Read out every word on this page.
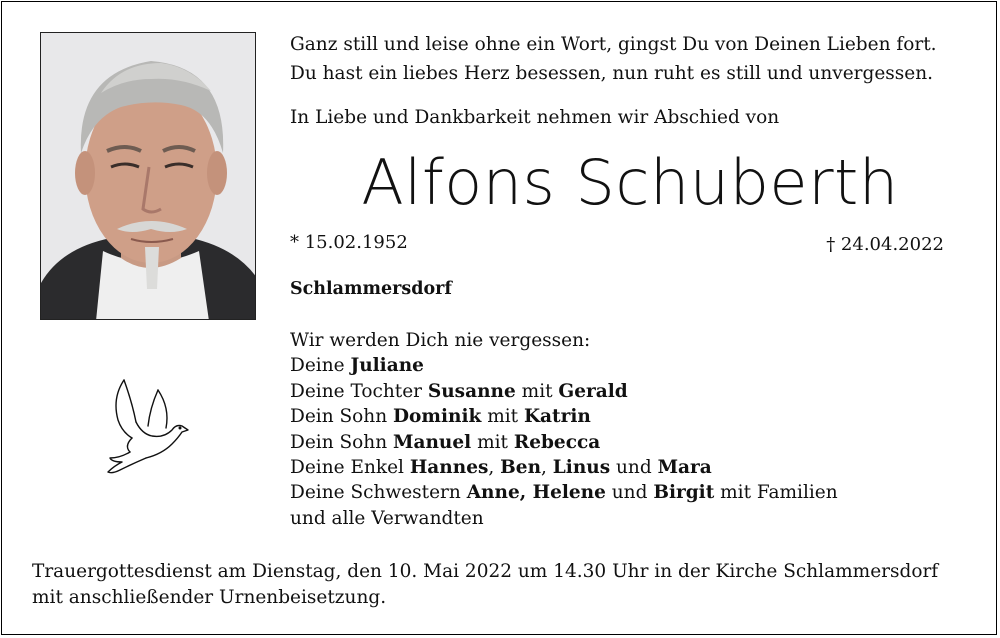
Ganz still und leise ohne ein Wort, gingst Du von Deinen Lieben fort.
Du hast ein liebes Herz besessen, nun ruht es still und unvergessen.
In Liebe und Dankbarkeit nehmen wir Abschied von
Alfons Schuberth
* 15.02.1952	† 24.04.2022
Schlammersdorf
Wir werden Dich nie vergessen:
Deine Juliane
Deine Tochter Susanne mit Gerald
Dein Sohn Dominik mit Katrin
Dein Sohn Manuel mit Rebecca
Deine Enkel Hannes, Ben, Linus und Mara
Deine Schwestern Anne, Helene und Birgit mit Familien
und alle Verwandten
Trauergottesdienst am Dienstag, den 10. Mai 2022 um 14.30 Uhr in der Kirche Schlammersdorf
mit anschließender Urnenbeisetzung.
